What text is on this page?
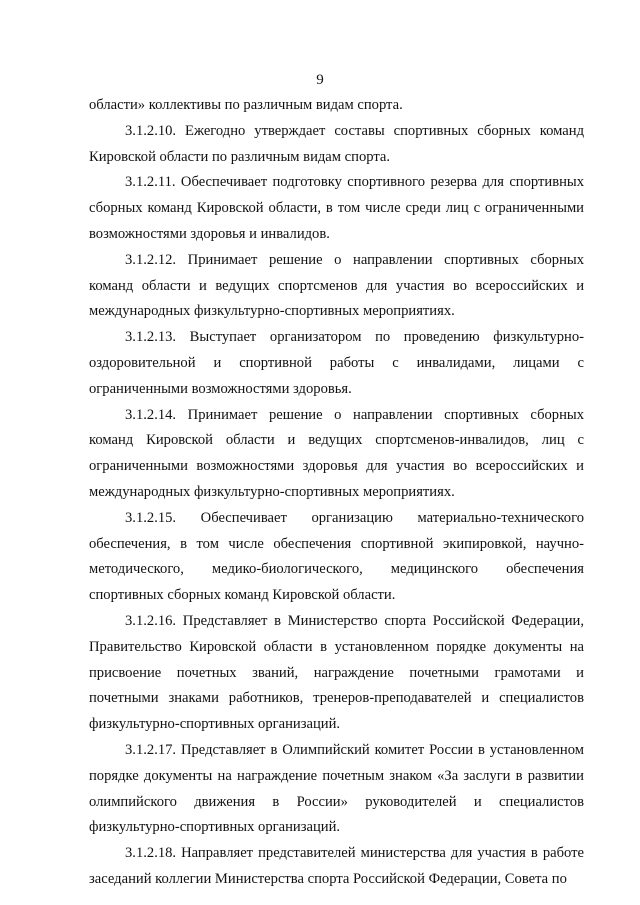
9

области» коллективы по различным видам спорта.

3.1.2.10. Ежегодно утверждает составы спортивных сборных команд Кировской области по различным видам спорта.

3.1.2.11. Обеспечивает подготовку спортивного резерва для спортивных сборных команд Кировской области, в том числе среди лиц с ограниченными возможностями здоровья и инвалидов.

3.1.2.12. Принимает решение о направлении спортивных сборных команд области и ведущих спортсменов для участия во всероссийских и международных физкультурно-спортивных мероприятиях.

3.1.2.13. Выступает организатором по проведению физкультурно-оздоровительной и спортивной работы с инвалидами, лицами с ограниченными возможностями здоровья.

3.1.2.14. Принимает решение о направлении спортивных сборных команд Кировской области и ведущих спортсменов-инвалидов, лиц с ограниченными возможностями здоровья для участия во всероссийских и международных физкультурно-спортивных мероприятиях.

3.1.2.15. Обеспечивает организацию материально-технического обеспечения, в том числе обеспечения спортивной экипировкой, научно-методического, медико-биологического, медицинского обеспечения спортивных сборных команд Кировской области.

3.1.2.16. Представляет в Министерство спорта Российской Федерации, Правительство Кировской области в установленном порядке документы на присвоение почетных званий, награждение почетными грамотами и почетными знаками работников, тренеров-преподавателей и специалистов физкультурно-спортивных организаций.

3.1.2.17. Представляет в Олимпийский комитет России в установленном порядке документы на награждение почетным знаком «За заслуги в развитии олимпийского движения в России» руководителей и специалистов физкультурно-спортивных организаций.

3.1.2.18. Направляет представителей министерства для участия в работе заседаний коллегии Министерства спорта Российской Федерации, Совета по
